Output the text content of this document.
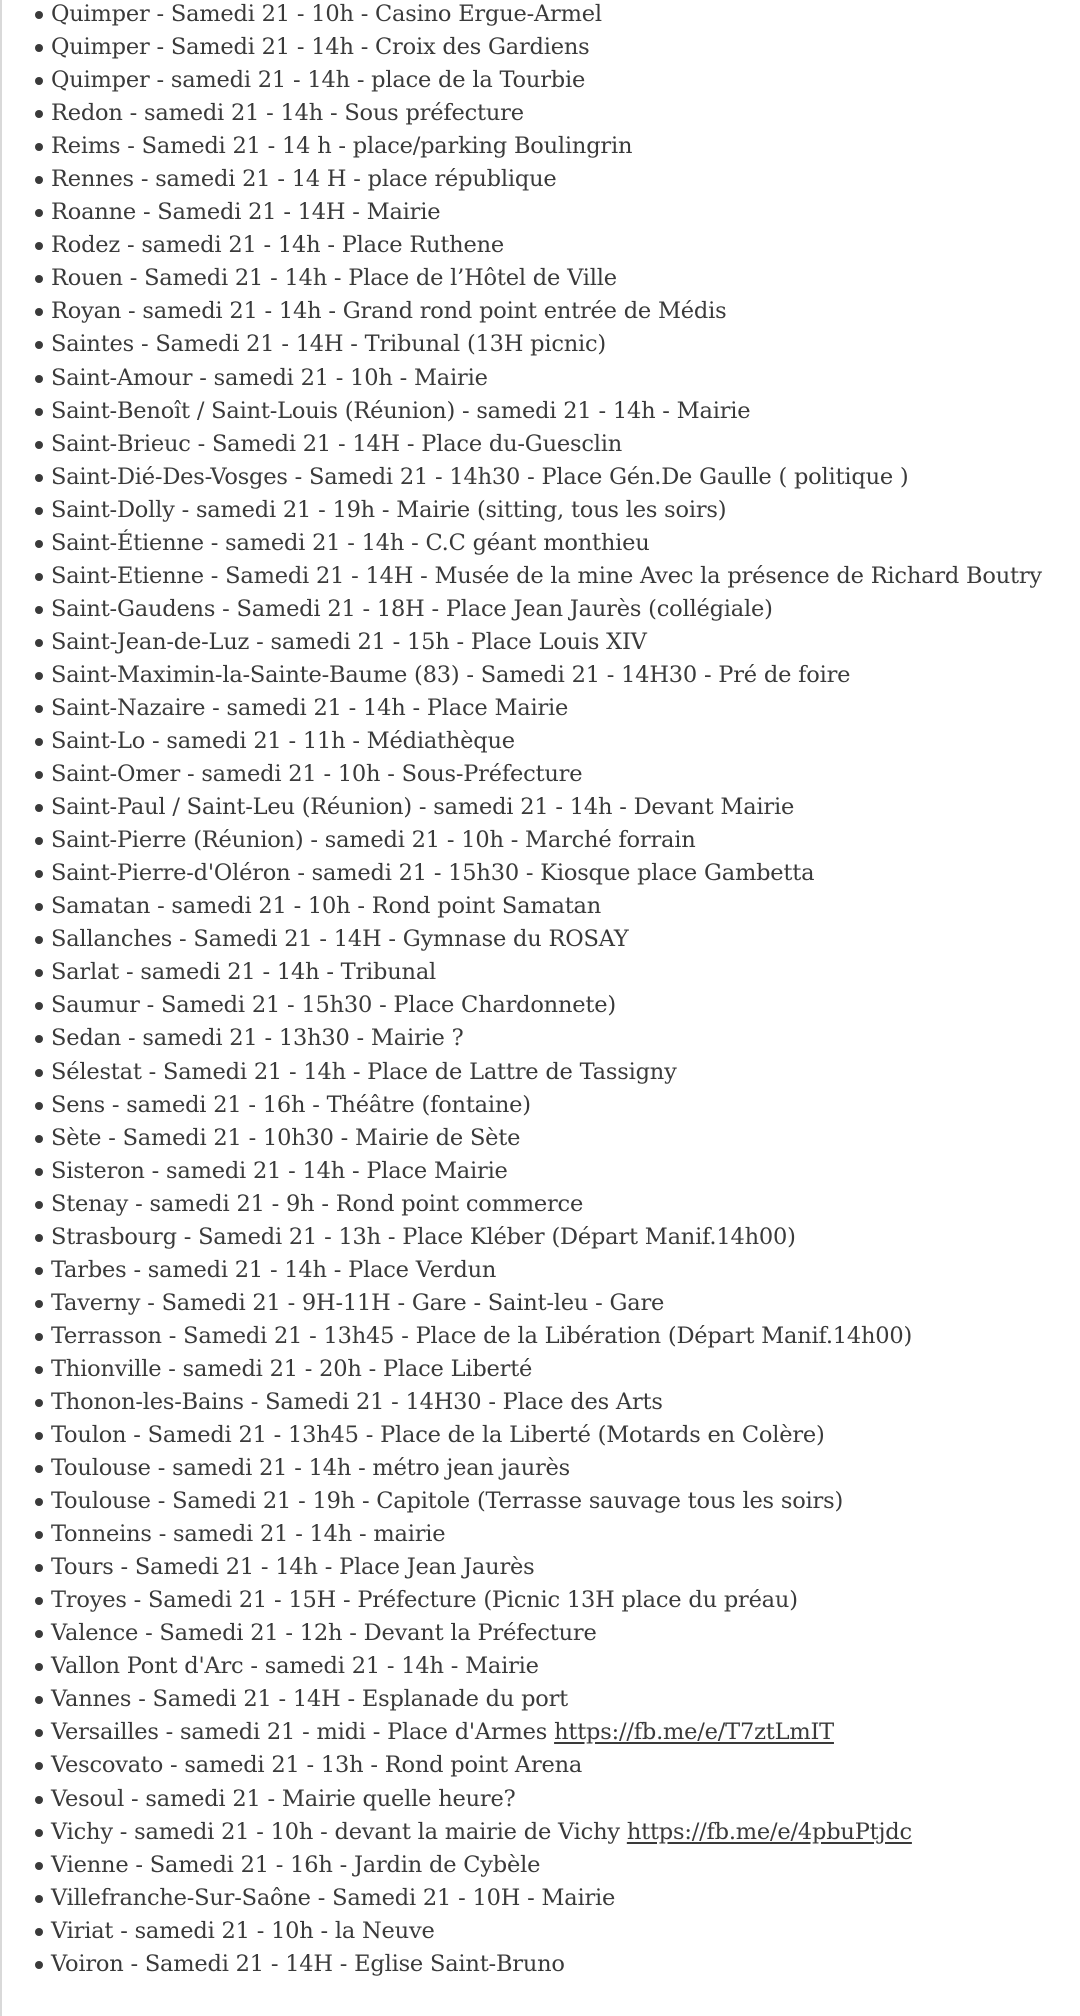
Quimper - Samedi 21 - 10h - Casino Ergue-Armel
Quimper - Samedi 21 - 14h - Croix des Gardiens
Quimper - samedi 21 - 14h - place de la Tourbie
Redon - samedi 21 - 14h - Sous préfecture
Reims - Samedi 21 - 14 h - place/parking Boulingrin
Rennes - samedi 21 - 14 H - place république
Roanne - Samedi 21 - 14H - Mairie
Rodez - samedi 21 - 14h - Place Ruthene
Rouen - Samedi 21 - 14h - Place de l’Hôtel de Ville
Royan - samedi 21 - 14h - Grand rond point entrée de Médis
Saintes - Samedi 21 - 14H - Tribunal (13H picnic)
Saint-Amour - samedi 21 - 10h - Mairie
Saint-Benoît / Saint-Louis (Réunion) - samedi 21 - 14h - Mairie
Saint-Brieuc - Samedi 21 - 14H - Place du-Guesclin
Saint-Dié-Des-Vosges - Samedi 21 - 14h30 - Place Gén.De Gaulle ( politique )
Saint-Dolly - samedi 21 - 19h - Mairie (sitting, tous les soirs)
Saint-Étienne - samedi 21 - 14h - C.C géant monthieu
Saint-Etienne - Samedi 21 - 14H - Musée de la mine Avec la présence de Richard Boutry
Saint-Gaudens - Samedi 21 - 18H - Place Jean Jaurès (collégiale)
Saint-Jean-de-Luz - samedi 21 - 15h - Place Louis XIV
Saint-Maximin-la-Sainte-Baume (83) - Samedi 21 - 14H30 - Pré de foire
Saint-Nazaire - samedi 21 - 14h - Place Mairie
Saint-Lo - samedi 21 - 11h - Médiathèque
Saint-Omer - samedi 21 - 10h - Sous-Préfecture
Saint-Paul / Saint-Leu (Réunion) - samedi 21 - 14h - Devant Mairie
Saint-Pierre (Réunion) - samedi 21 - 10h - Marché forrain
Saint-Pierre-d'Oléron - samedi 21 - 15h30 - Kiosque place Gambetta
Samatan - samedi 21 - 10h - Rond point Samatan
Sallanches - Samedi 21 - 14H - Gymnase du ROSAY
Sarlat - samedi 21 - 14h - Tribunal
Saumur - Samedi 21 - 15h30 - Place Chardonnete)
Sedan - samedi 21 - 13h30 - Mairie ?
Sélestat - Samedi 21 - 14h - Place de Lattre de Tassigny
Sens - samedi 21 - 16h - Théâtre (fontaine)
Sète - Samedi 21 - 10h30 - Mairie de Sète
Sisteron - samedi 21 - 14h - Place Mairie
Stenay - samedi 21 - 9h - Rond point commerce
Strasbourg - Samedi 21 - 13h - Place Kléber (Départ Manif.14h00)
Tarbes - samedi 21 - 14h - Place Verdun
Taverny - Samedi 21 - 9H-11H - Gare - Saint-leu - Gare
Terrasson - Samedi 21 - 13h45 - Place de la Libération (Départ Manif.14h00)
Thionville - samedi 21 - 20h - Place Liberté
Thonon-les-Bains - Samedi 21 - 14H30 - Place des Arts
Toulon - Samedi 21 - 13h45 - Place de la Liberté (Motards en Colère)
Toulouse - samedi 21 - 14h - métro jean jaurès
Toulouse - Samedi 21 - 19h - Capitole (Terrasse sauvage tous les soirs)
Tonneins - samedi 21 - 14h - mairie
Tours - Samedi 21 - 14h - Place Jean Jaurès
Troyes - Samedi 21 - 15H - Préfecture (Picnic 13H place du préau)
Valence - Samedi 21 - 12h - Devant la Préfecture
Vallon Pont d'Arc - samedi 21 - 14h - Mairie
Vannes - Samedi 21 - 14H - Esplanade du port
Versailles - samedi 21 - midi - Place d'Armes https://fb.me/e/T7ztLmIT
Vescovato - samedi 21 - 13h - Rond point Arena
Vesoul - samedi 21 - Mairie quelle heure?
Vichy - samedi 21 - 10h - devant la mairie de Vichy https://fb.me/e/4pbuPtjdc
Vienne - Samedi 21 - 16h - Jardin de Cybèle
Villefranche-Sur-Saône - Samedi 21 - 10H - Mairie
Viriat - samedi 21 - 10h - la Neuve
Voiron - Samedi 21 - 14H - Eglise Saint-Bruno
